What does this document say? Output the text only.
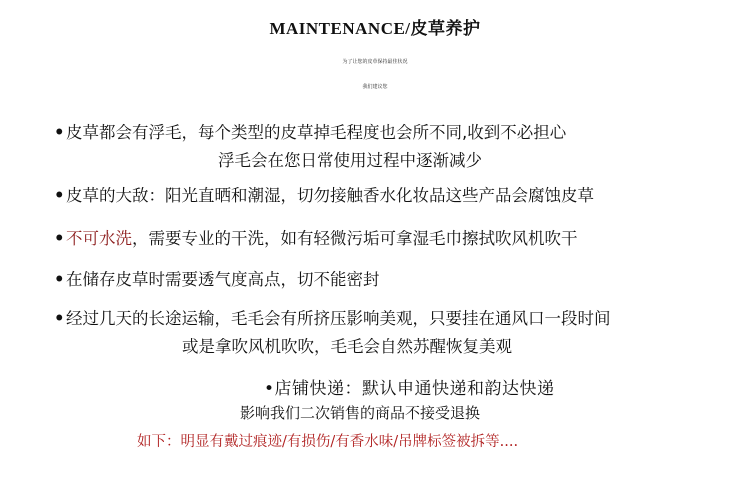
MAINTENANCE/皮草养护
为了让您的皮草保持最佳状况
我们建议您
•皮草都会有浮毛，每个类型的皮草掉毛程度也会所不同,收到不必担心
浮毛会在您日常使用过程中逐渐减少
•皮草的大敌：阳光直晒和潮湿，切勿接触香水化妆品这些产品会腐蚀皮草
•不可水洗，需要专业的干洗，如有轻微污垢可拿湿毛巾擦拭吹风机吹干
•在储存皮草时需要透气度高点，切不能密封
•经过几天的长途运输，毛毛会有所挤压影响美观，只要挂在通风口一段时间
或是拿吹风机吹吹，毛毛会自然苏醒恢复美观
•店铺快递：默认申通快递和韵达快递
影响我们二次销售的商品不接受退换
如下：明显有戴过痕迹/有损伤/有香水味/吊牌标签被拆等....
